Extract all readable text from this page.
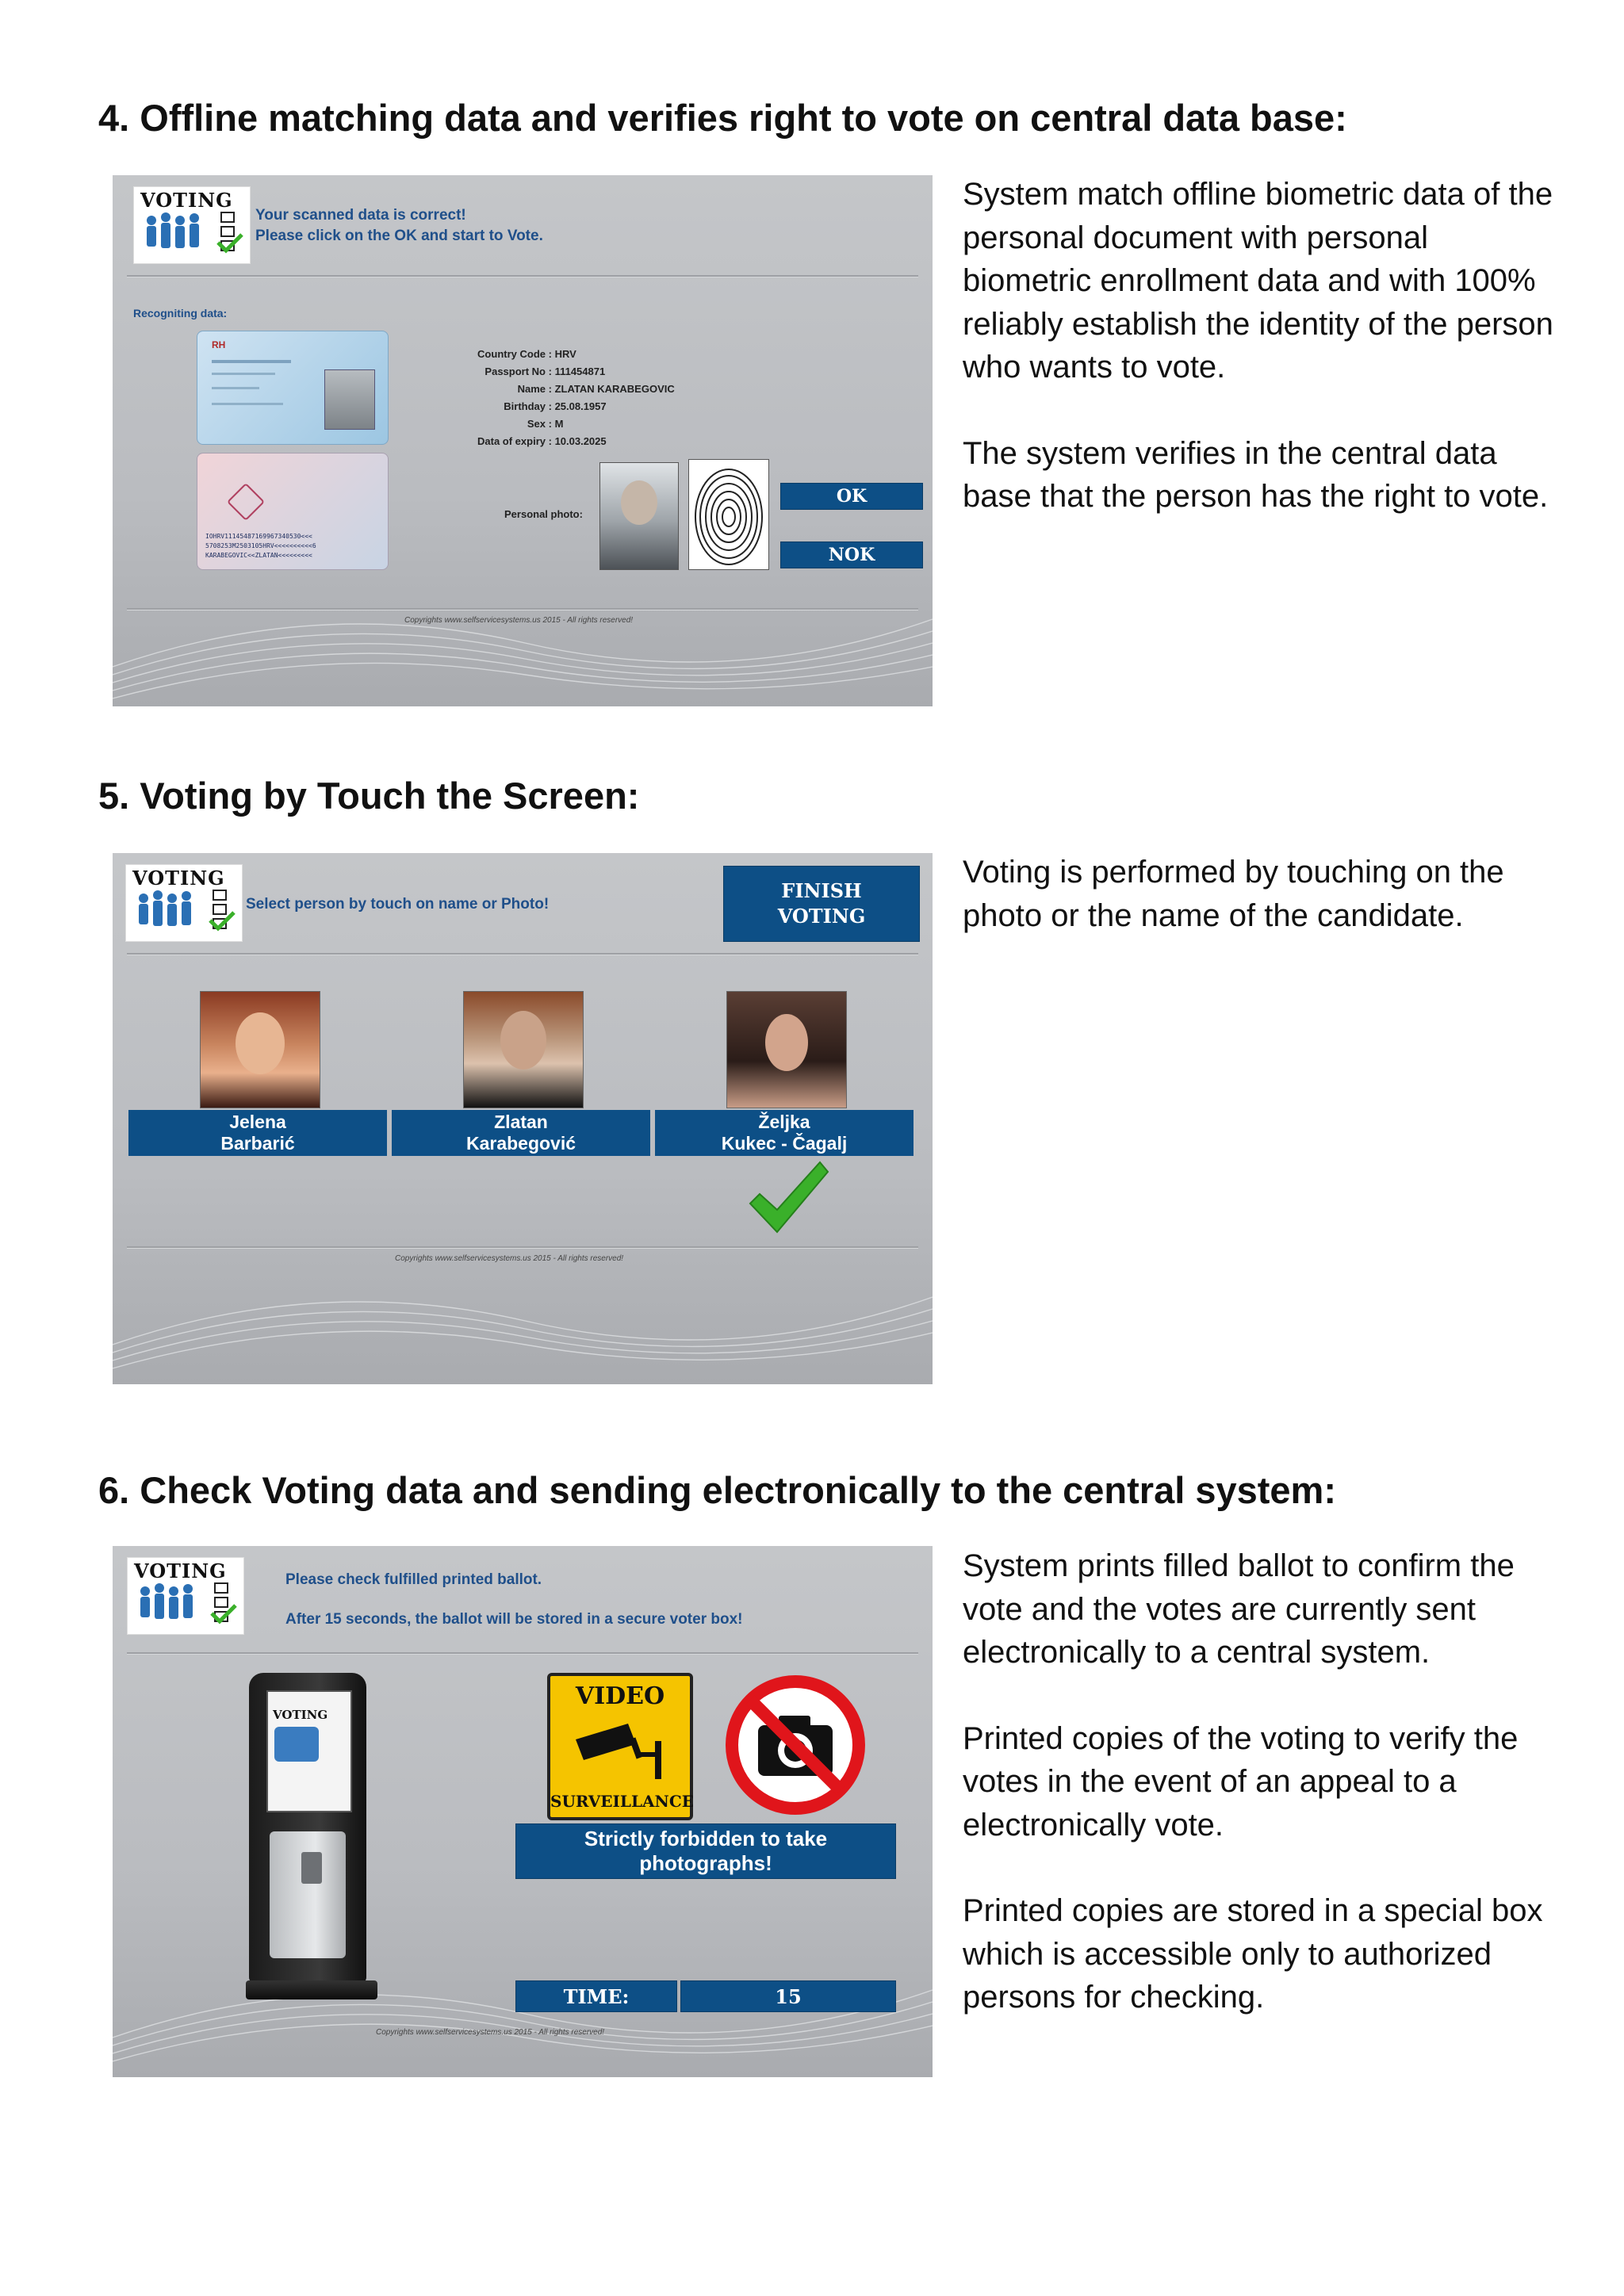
4. Offline matching data and verifies right to vote on central data base:
VOTING
Your scanned data is correct!
Please click on the OK and start to Vote.
Recogniting data:
RH
IOHRV11145487169967340530<<<
5708253M2503105HRV<<<<<<<<<<6
KARABEGOVIC<<ZLATAN<<<<<<<<<
Country Code : HRV
Passport No : 111454871
Name : ZLATAN KARABEGOVIC
Birthday : 25.08.1957
Sex : M
Data of expiry : 10.03.2025
Personal photo:
OK
NOK
Copyrights www.selfservicesystems.us 2015 - All rights reserved!

System match offline biometric data of the personal document with personal biometric enrollment data and with 100% reliably establish the identity of the person who wants to vote.

The system verifies in the central data base that the person has the right to vote.

5. Voting by Touch the Screen:
VOTING
Select person by touch on name or Photo!
FINISH
VOTING
Jelena
Barbarić
Zlatan
Karabegović
Željka
Kukec - Čagalj
Copyrights www.selfservicesystems.us 2015 - All rights reserved!

Voting is performed by touching on the photo or the name of the candidate.

6. Check Voting data and sending electronically to the central system:
VOTING	Please check fulfilled printed ballot.
After 15 seconds, the ballot will be stored in a secure voter box!
VOTING
VIDEO
SURVEILLANCE
Strictly forbidden to take
photographs!
TIME:	15
Copyrights www.selfservicesystems.us 2015 - All rights reserved!

System prints filled ballot to confirm the vote and the votes are currently sent electronically to a central system.

Printed copies of the voting to verify the votes in the event of an appeal to a electronically vote.

Printed copies are stored in a special box which is accessible only to authorized persons for checking.
